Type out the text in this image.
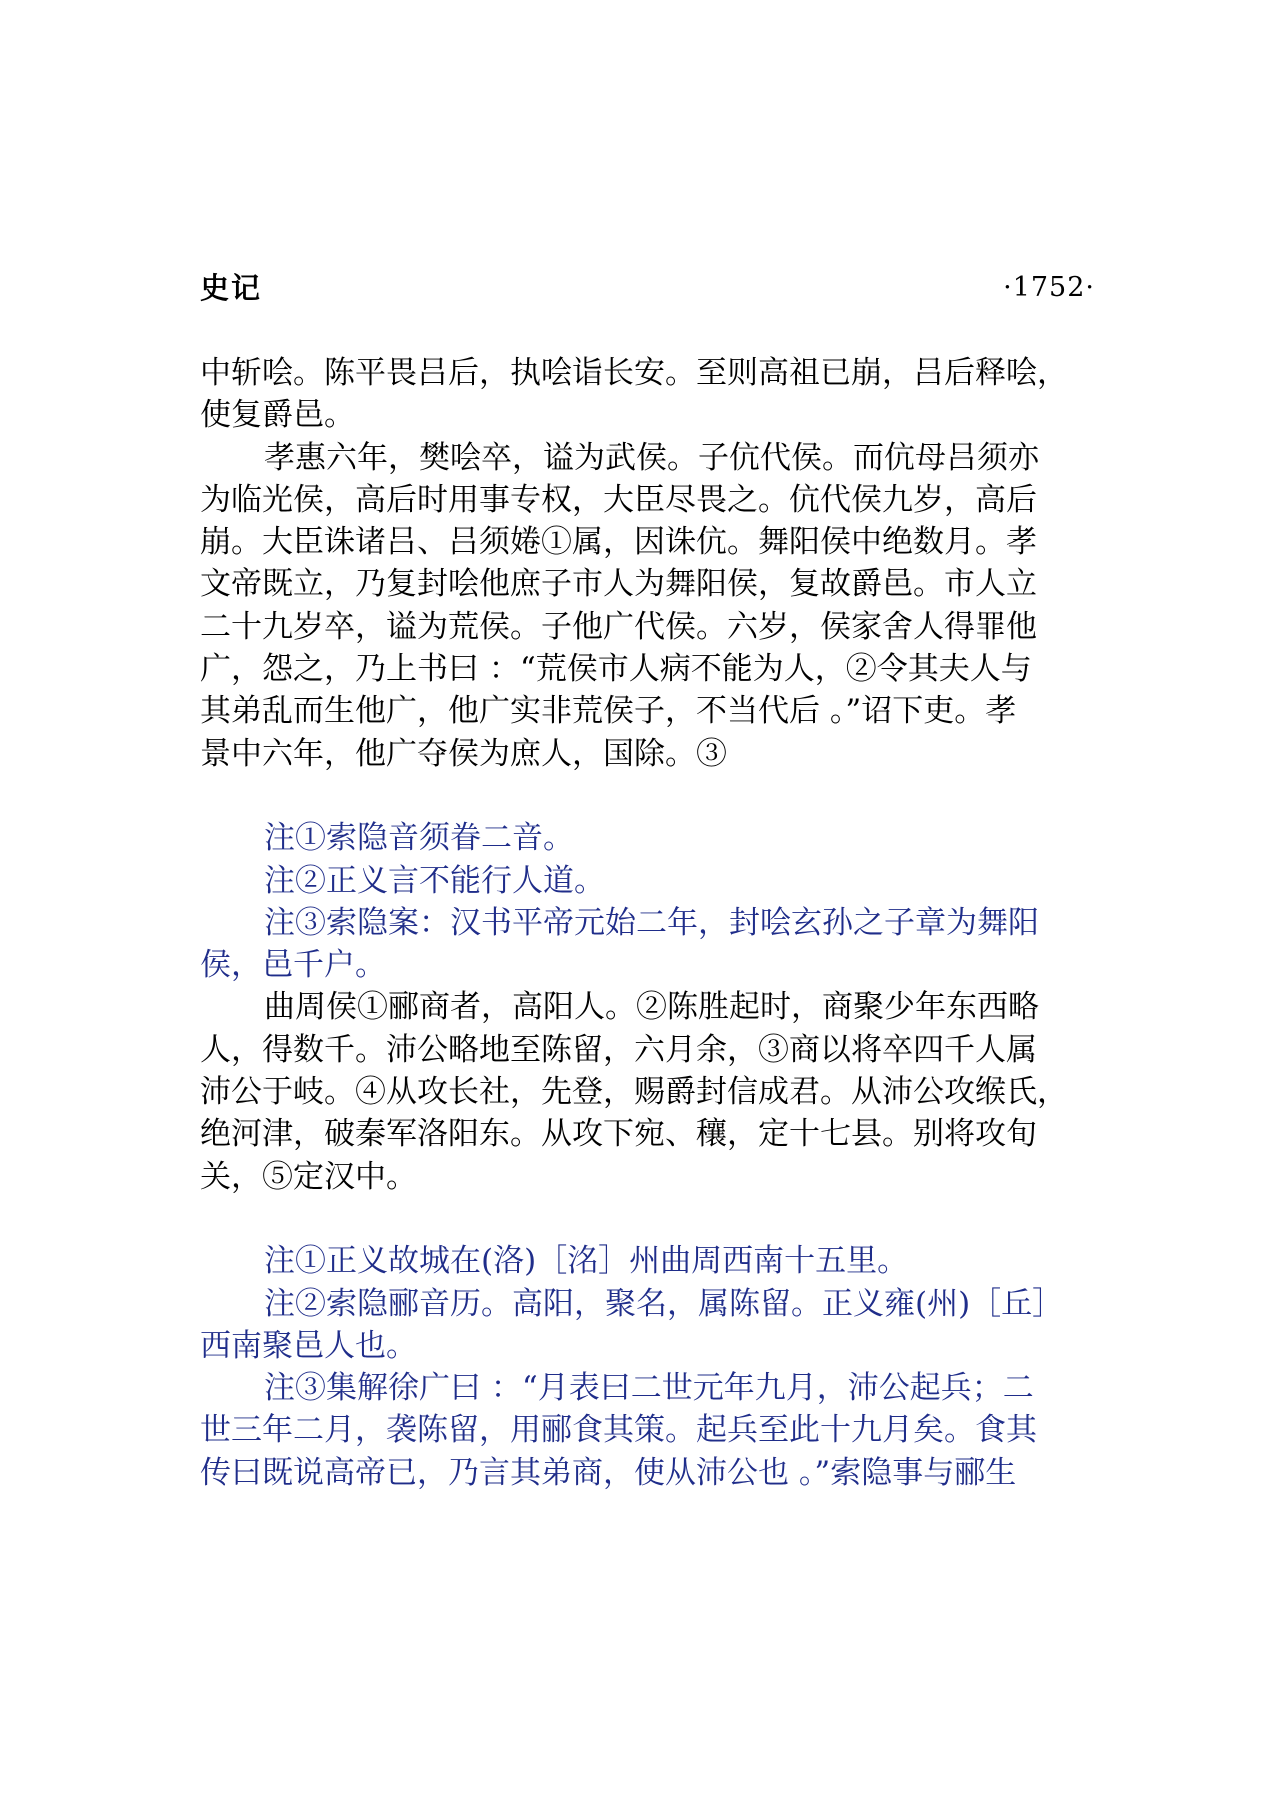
史记	·1752·
中斩哙。陈平畏吕后，执哙诣长安。至则高祖已崩，吕后释哙，
使复爵邑。
孝惠六年，樊哙卒，谥为武侯。子伉代侯。而伉母吕须亦
为临光侯，高后时用事专权，大臣尽畏之。伉代侯九岁，高后
崩。大臣诛诸吕、吕须婘①属，因诛伉。舞阳侯中绝数月。孝
文帝既立，乃复封哙他庶子市人为舞阳侯，复故爵邑。市人立
二十九岁卒，谥为荒侯。子他广代侯。六岁，侯家舍人得罪他
广，怨之，乃上书曰 ：“荒侯市人病不能为人，②令其夫人与
其弟乱而生他广，他广实非荒侯子，不当代后 。”诏下吏。孝
景中六年，他广夺侯为庶人，国除。③
注①索隐音须眷二音。
注②正义言不能行人道。
注③索隐案：汉书平帝元始二年，封哙玄孙之子章为舞阳
侯，邑千户。
曲周侯①郦商者，高阳人。②陈胜起时，商聚少年东西略
人，得数千。沛公略地至陈留，六月余，③商以将卒四千人属
沛公于岐。④从攻长社，先登，赐爵封信成君。从沛公攻缑氏，
绝河津，破秦军洛阳东。从攻下宛、穰，定十七县。别将攻旬
关，⑤定汉中。
注①正义故城在(洛)［洺］州曲周西南十五里。
注②索隐郦音历。高阳，聚名，属陈留。正义雍(州)［丘］
西南聚邑人也。
注③集解徐广曰 ：“月表曰二世元年九月，沛公起兵；二
世三年二月，袭陈留，用郦食其策。起兵至此十九月矣。食其
传曰既说高帝已，乃言其弟商，使从沛公也 。”索隐事与郦生
